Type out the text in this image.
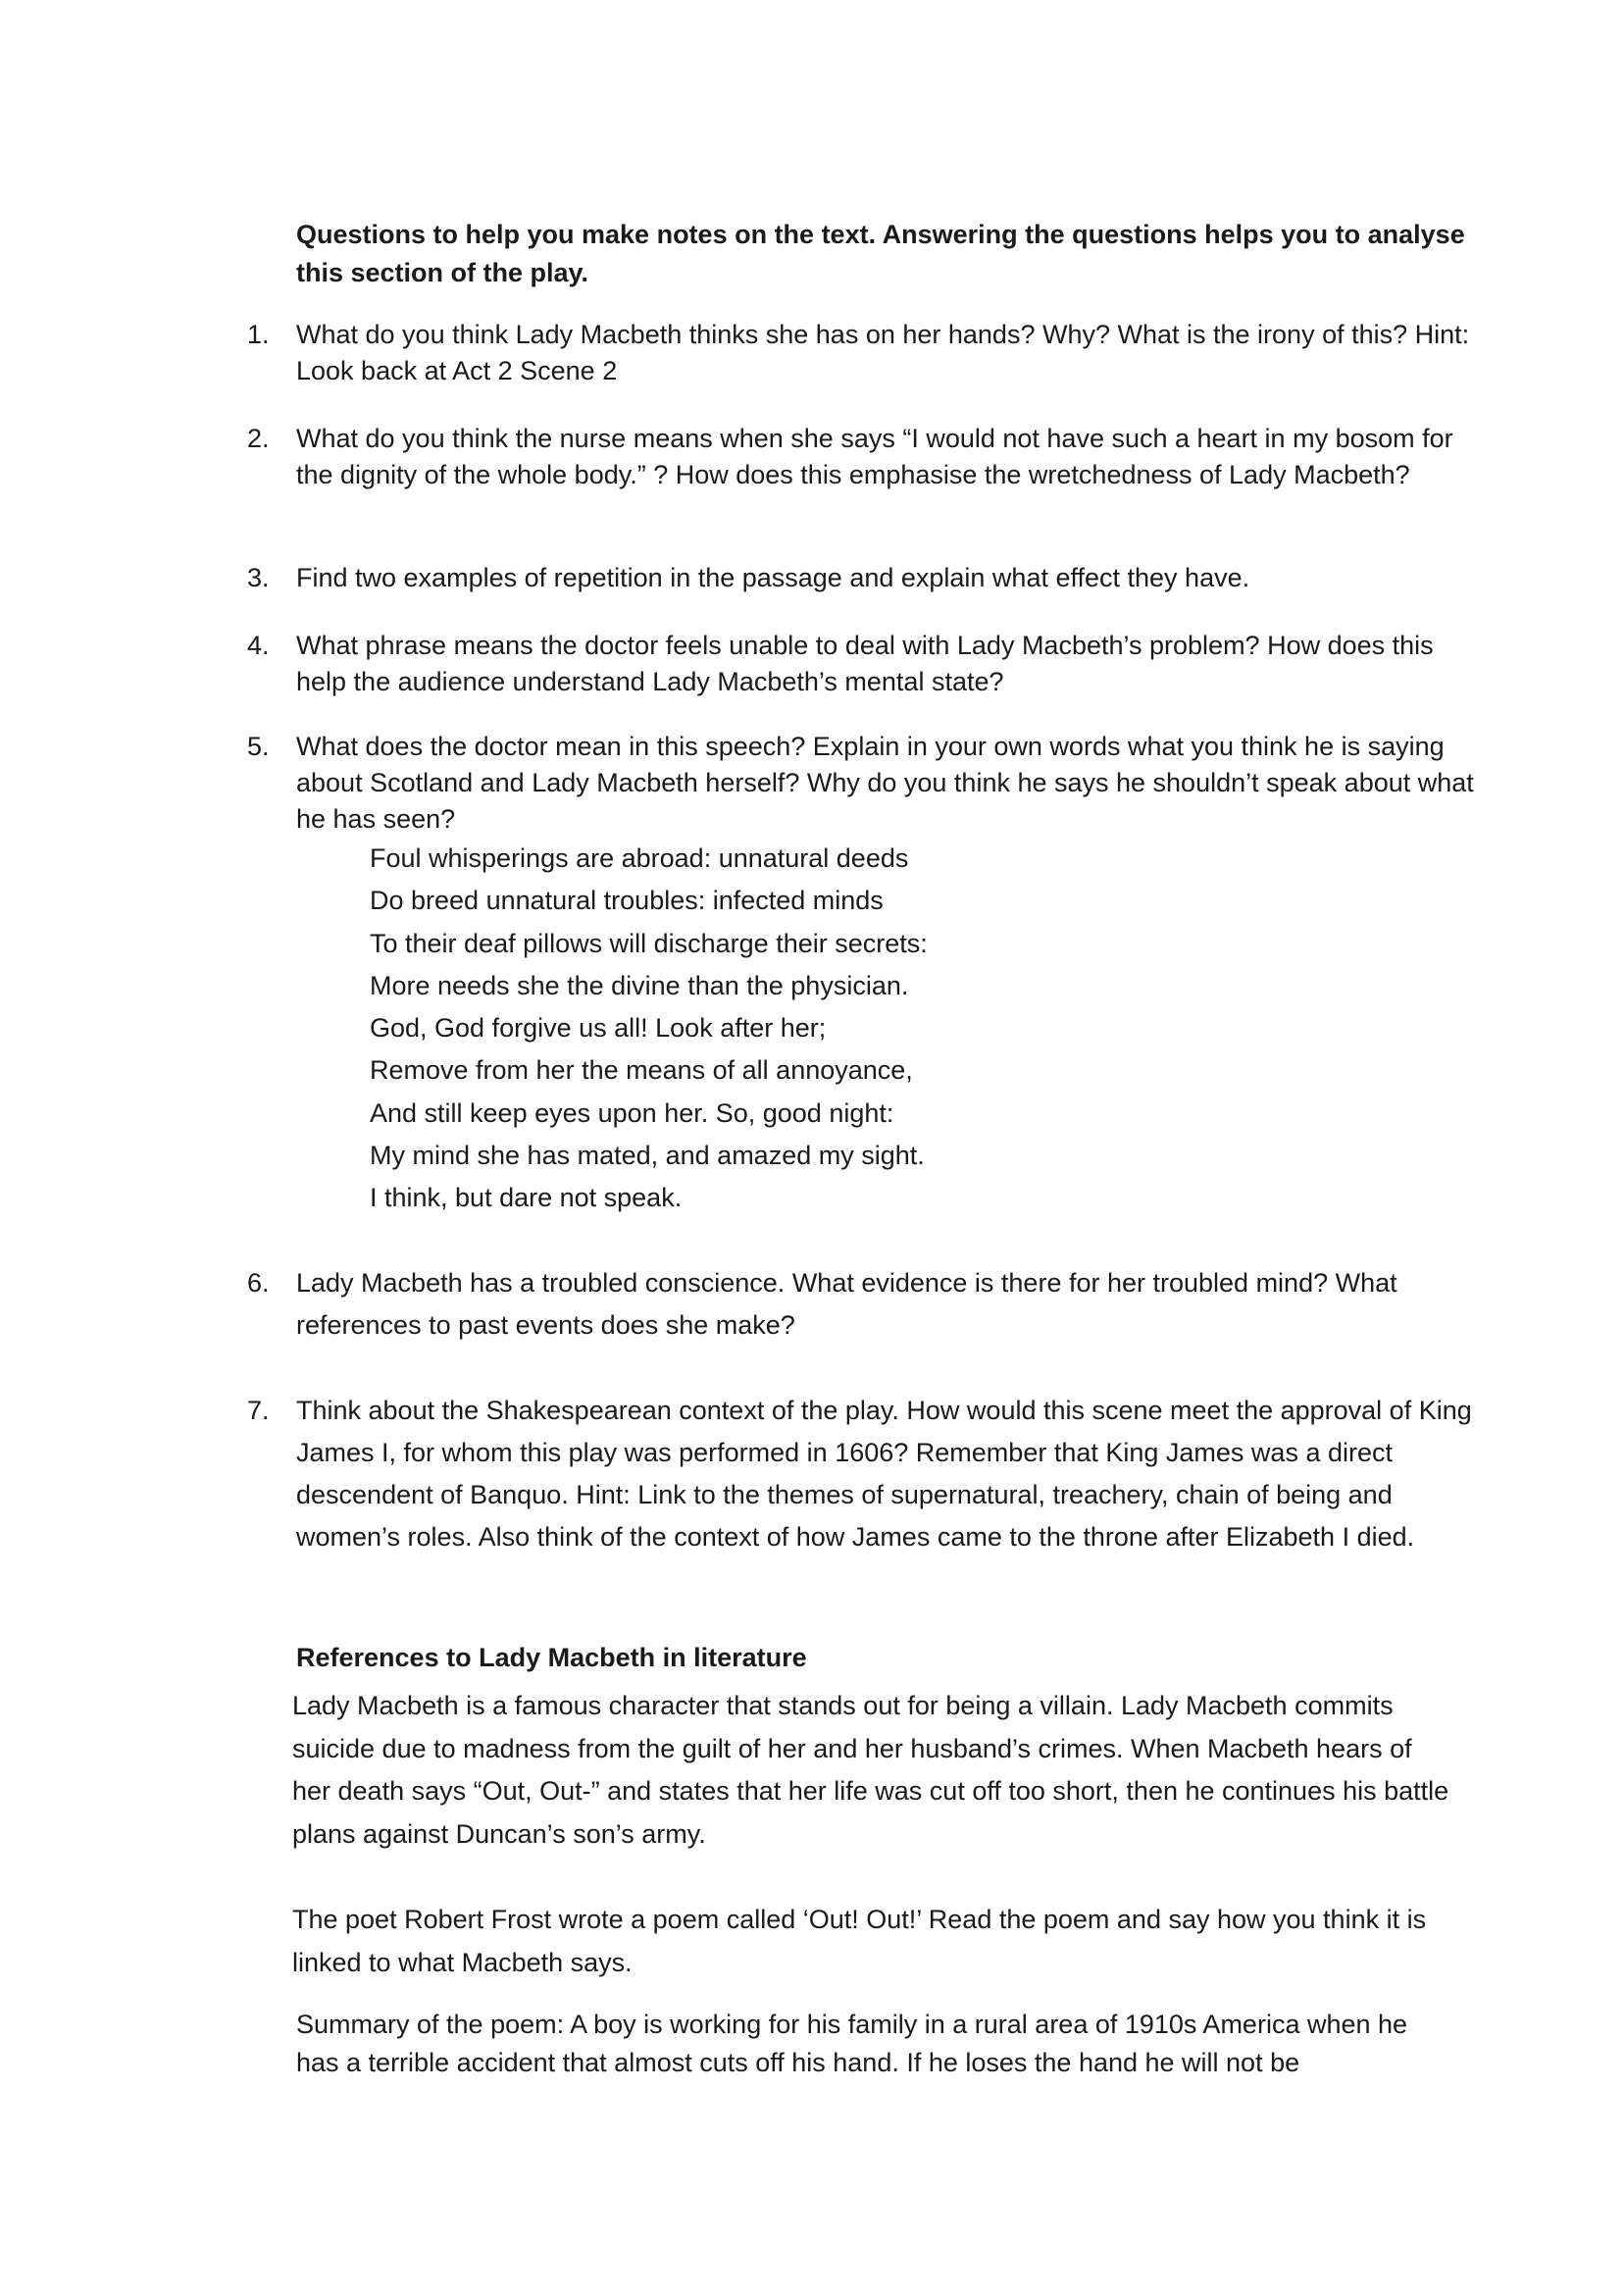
Questions to help you make notes on the text. Answering the questions helps you to analyse this section of the play.
1.	What do you think Lady Macbeth thinks she has on her hands? Why? What is the irony of this? Hint: Look back at Act 2 Scene 2
2.	What do you think the nurse means when she says “I would not have such a heart in my bosom for the dignity of the whole body.” ? How does this emphasise the wretchedness of Lady Macbeth?
3.	Find two examples of repetition in the passage and explain what effect they have.
4.	What phrase means the doctor feels unable to deal with Lady Macbeth’s problem? How does this help the audience understand Lady Macbeth’s mental state?
5.	What does the doctor mean in this speech? Explain in your own words what you think he is saying about Scotland and Lady Macbeth herself? Why do you think he says he shouldn’t speak about what he has seen?
Foul whisperings are abroad: unnatural deeds
Do breed unnatural troubles: infected minds
To their deaf pillows will discharge their secrets:
More needs she the divine than the physician.
God, God forgive us all! Look after her;
Remove from her the means of all annoyance,
And still keep eyes upon her. So, good night:
My mind she has mated, and amazed my sight.
I think, but dare not speak.
6.	Lady Macbeth has a troubled conscience. What evidence is there for her troubled mind? What references to past events does she make?
7.	Think about the Shakespearean context of the play. How would this scene meet the approval of King James I, for whom this play was performed in 1606? Remember that King James was a direct descendent of Banquo. Hint: Link to the themes of supernatural, treachery, chain of being and women’s roles. Also think of the context of how James came to the throne after Elizabeth I died.
References to Lady Macbeth in literature
Lady Macbeth is a famous character that stands out for being a villain. Lady Macbeth commits suicide due to madness from the guilt of her and her husband’s crimes. When Macbeth hears of her death says “Out, Out-” and states that her life was cut off too short, then he continues his battle plans against Duncan’s son’s army.
The poet Robert Frost wrote a poem called ‘Out! Out!’ Read the poem and say how you think it is linked to what Macbeth says.
Summary of the poem: A boy is working for his family in a rural area of 1910s America when he has a terrible accident that almost cuts off his hand. If he loses the hand he will not be
